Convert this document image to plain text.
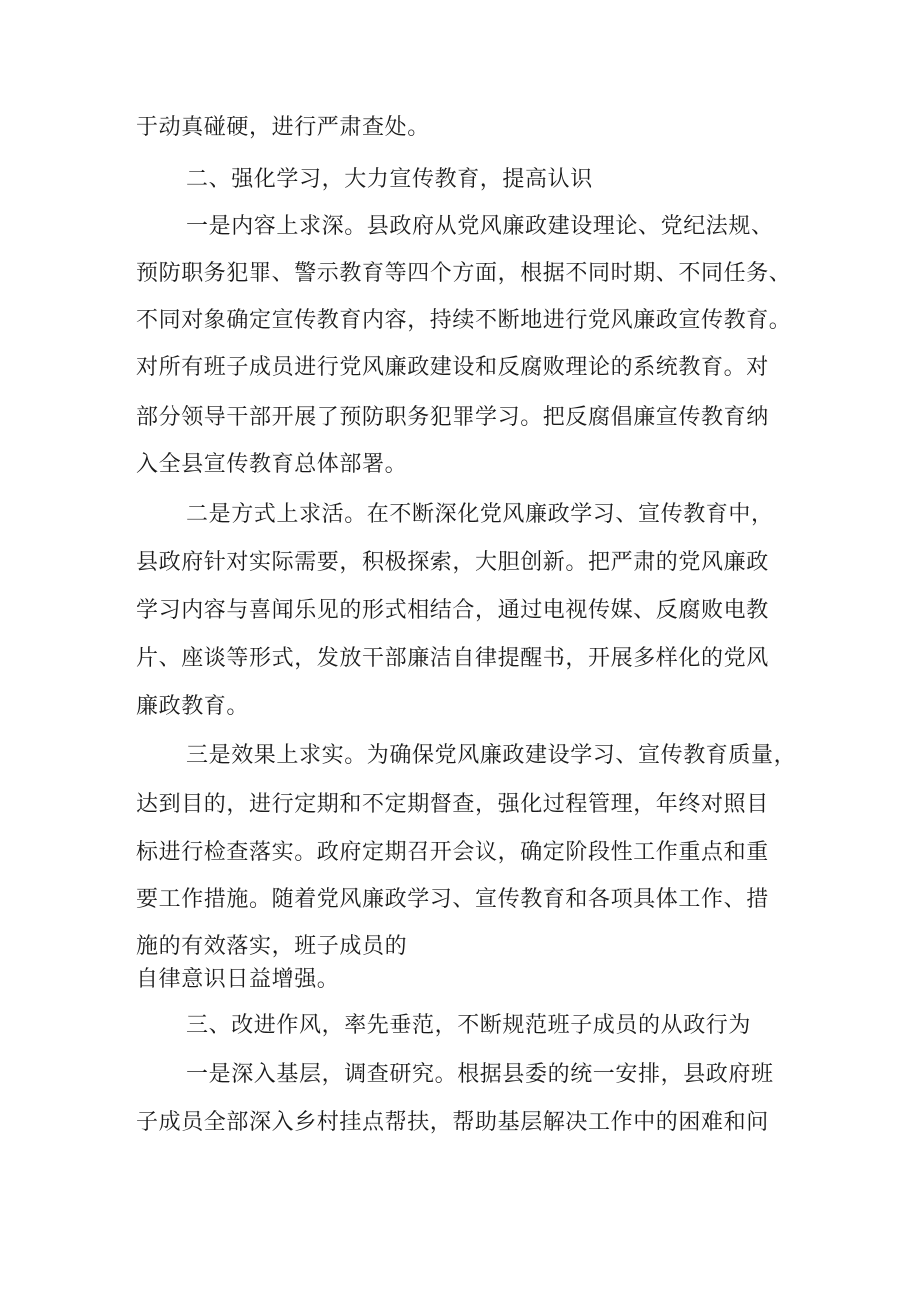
于动真碰硬，进行严肃查处。

二、强化学习，大力宣传教育，提高认识

一是内容上求深。县政府从党风廉政建设理论、党纪法规、

预防职务犯罪、警示教育等四个方面，根据不同时期、不同任务、

不同对象确定宣传教育内容，持续不断地进行党风廉政宣传教育。

对所有班子成员进行党风廉政建设和反腐败理论的系统教育。对

部分领导干部开展了预防职务犯罪学习。把反腐倡廉宣传教育纳

入全县宣传教育总体部署。

二是方式上求活。在不断深化党风廉政学习、宣传教育中，

县政府针对实际需要，积极探索，大胆创新。把严肃的党风廉政

学习内容与喜闻乐见的形式相结合，通过电视传媒、反腐败电教

片、座谈等形式，发放干部廉洁自律提醒书，开展多样化的党风

廉政教育。

三是效果上求实。为确保党风廉政建设学习、宣传教育质量，

达到目的，进行定期和不定期督查，强化过程管理，年终对照目

标进行检查落实。政府定期召开会议，确定阶段性工作重点和重

要工作措施。随着党风廉政学习、宣传教育和各项具体工作、措

施的有效落实，班子成员的

自律意识日益增强。

三、改进作风，率先垂范，不断规范班子成员的从政行为

一是深入基层，调查研究。根据县委的统一安排，县政府班

子成员全部深入乡村挂点帮扶，帮助基层解决工作中的困难和问
